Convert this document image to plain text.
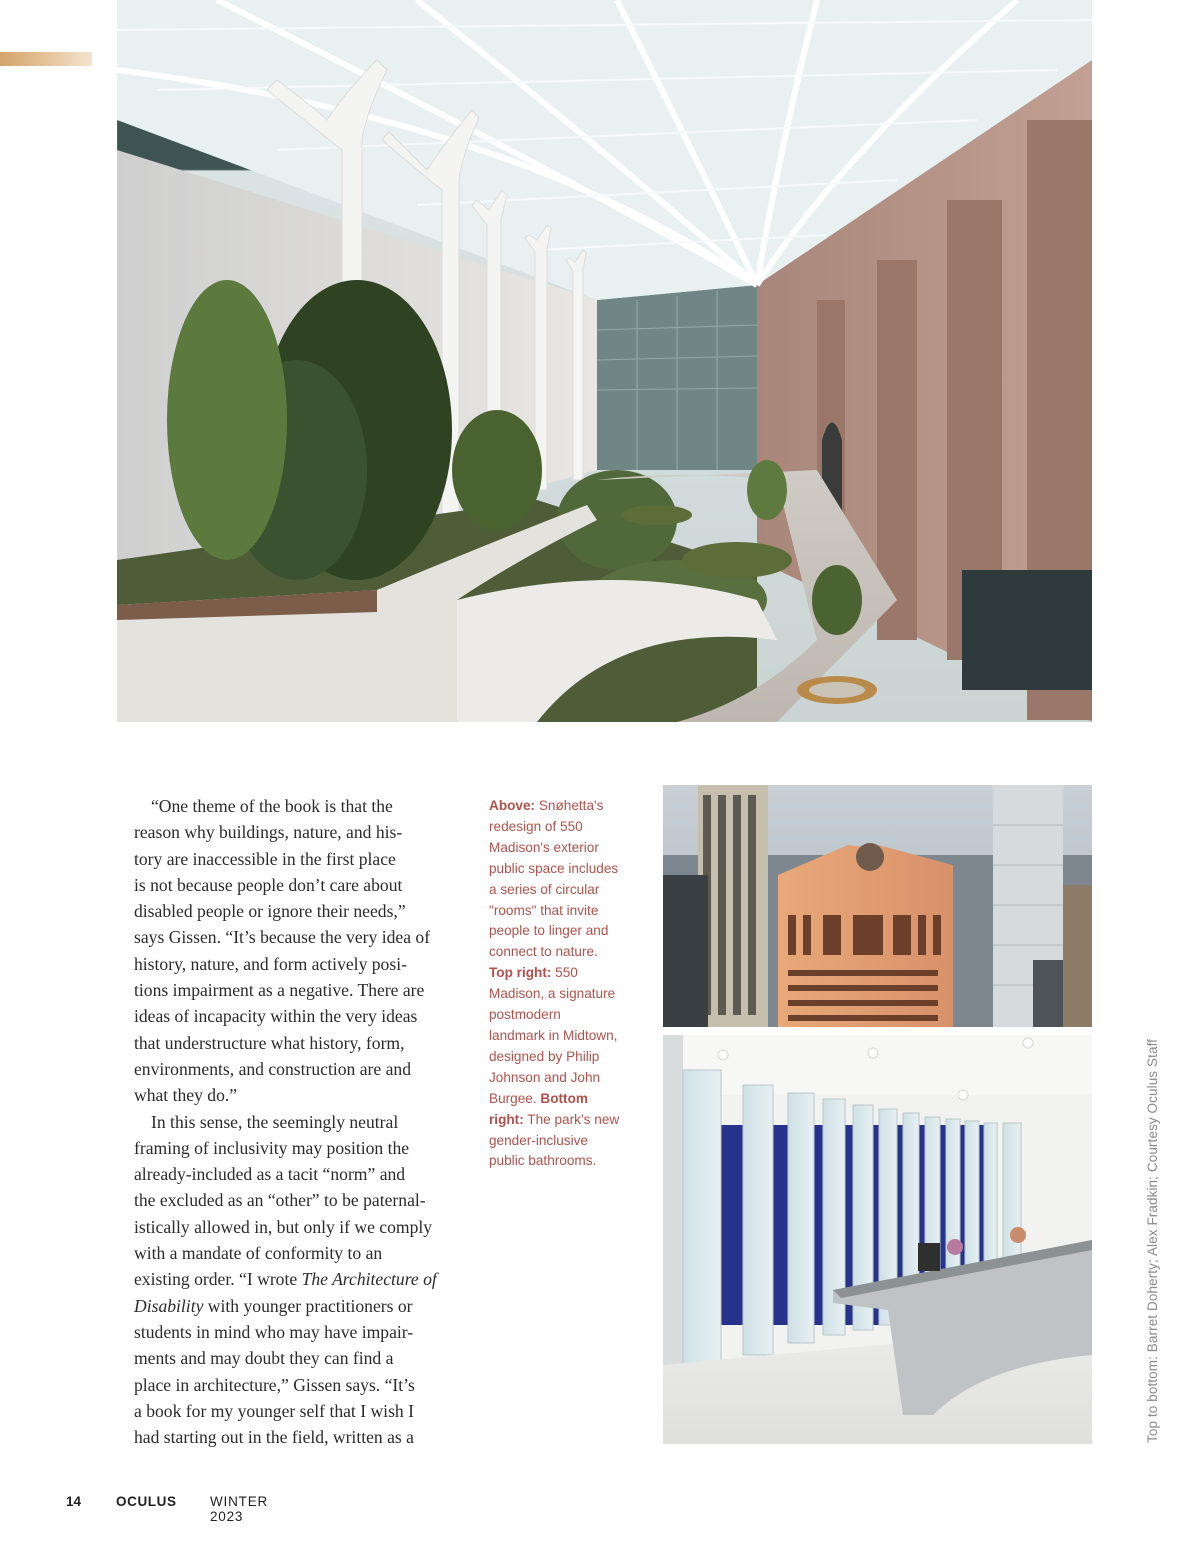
“One theme of the book is that the
reason why buildings, nature, and his-
tory are inaccessible in the first place
is not because people don’t care about
disabled people or ignore their needs,”
says Gissen. “It’s because the very idea of
history, nature, and form actively posi-
tions impairment as a negative. There are
ideas of incapacity within the very ideas
that understructure what history, form,
environments, and construction are and
what they do.”

In this sense, the seemingly neutral
framing of inclusivity may position the
already-included as a tacit “norm” and
the excluded as an “other” to be paternal-
istically allowed in, but only if we comply
with a mandate of conformity to an
existing order. “I wrote The Architecture of
Disability with younger practitioners or
students in mind who may have impair-
ments and may doubt they can find a
place in architecture,” Gissen says. “It’s
a book for my younger self that I wish I
had starting out in the field, written as a

Above: Snøhetta's
redesign of 550
Madison's exterior
public space includes
a series of circular
"rooms" that invite
people to linger and
connect to nature.
Top right: 550
Madison, a signature
postmodern
landmark in Midtown,
designed by Philip
Johnson and John
Burgee. Bottom
right: The park’s new
gender-inclusive
public bathrooms.	Top to bottom: Barret Doherty; Alex Fradkin; Courtesy Oculus Staff
14	OCULUS WINTER 2023
